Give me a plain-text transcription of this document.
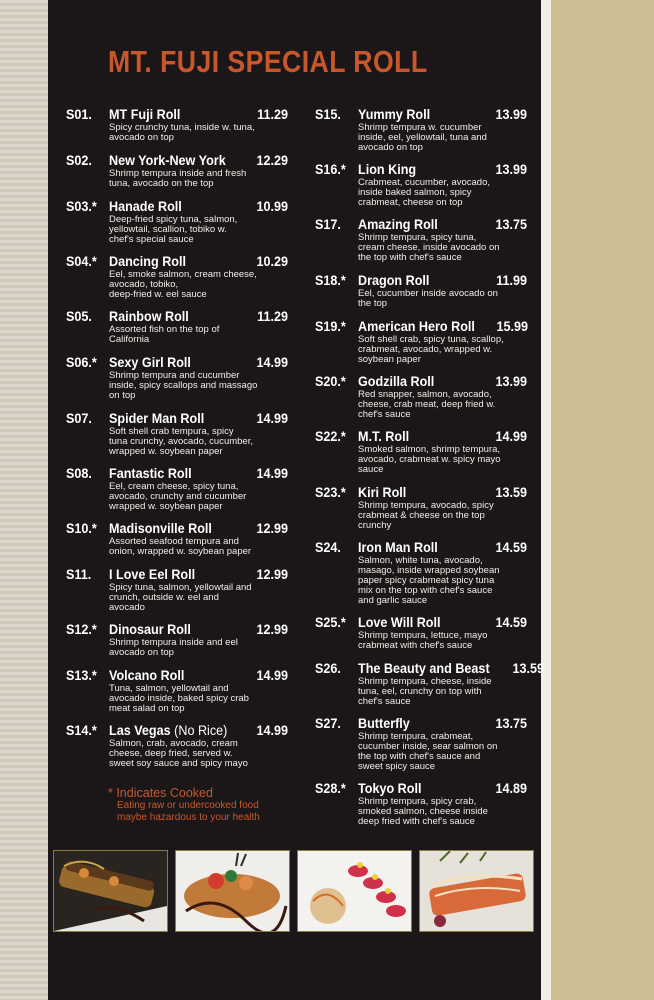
MT. FUJI SPECIAL ROLL
S01.	MT Fuji Roll	11.29
Spicy crunchy tuna, inside w. tuna,
avocado on top
S02.	New York-New York	12.29
Shrimp tempura inside and fresh
tuna, avocado on the top
S03.* Hanade Roll	10.99
Deep-fried spicy tuna, salmon,
yellowtail, scallion, tobiko w.
chef's special sauce
S04.* Dancing Roll	10.29
Eel, smoke salmon, cream cheese,
avocado, tobiko,
deep-fried w. eel sauce
S05.	Rainbow Roll	11.29
Assorted fish on the top of
California
S06.* Sexy Girl Roll	14.99
Shrimp tempura and cucumber
inside, spicy scallops and massago
on top
S07.	Spider Man Roll	14.99
Soft shell crab tempura, spicy
tuna crunchy, avocado, cucumber,
wrapped w. soybean paper
S08.	Fantastic Roll	14.99
Eel, cream cheese, spicy tuna,
avocado, crunchy and cucumber
wrapped w. soybean paper
S10.* Madisonville Roll	12.99
Assorted seafood tempura and
onion, wrapped w. soybean paper
S11.	I Love Eel Roll	12.99
Spicy tuna, salmon, yellowtail and
crunch, outside w. eel and
avocado
S12.* Dinosaur Roll	12.99
Shrimp tempura inside and eel
avocado on top
S13.* Volcano Roll	14.99
Tuna, salmon, yellowtail and
avocado inside, baked spicy crab
meat salad on top
S14.* Las Vegas (No Rice)	14.99
Salmon, crab, avocado, cream
cheese, deep fried, served w.
sweet soy sauce and spicy mayo
S15.	Yummy Roll	13.99
Shrimp tempura w. cucumber
inside, eel, yellowtail, tuna and
avocado on top
S16.* Lion King	13.99
Crabmeat, cucumber, avocado,
inside baked salmon, spicy
crabmeat, cheese on top
S17.	Amazing Roll	13.75
Shrimp tempura, spicy tuna,
cream cheese, inside avocado on
the top with chef's sauce
S18.* Dragon Roll	11.99
Eel, cucumber inside avocado on
the top
S19.* American Hero Roll	15.99
Soft shell crab, spicy tuna, scallop,
crabmeat, avocado, wrapped w.
soybean paper
S20.* Godzilla Roll	13.99
Red snapper, salmon, avocado,
cheese, crab meat, deep fried w.
chef's sauce
S22.* M.T. Roll	14.99
Smoked salmon, shrimp tempura,
avocado, crabmeat w. spicy mayo
sauce
S23.* Kiri Roll	13.59
Shrimp tempura, avocado, spicy
crabmeat & cheese on the top
crunchy
S24.	Iron Man Roll	14.59
Salmon, white tuna, avocado,
masago, inside wrapped soybean
paper spicy crabmeat spicy tuna
mix on the top with chef's sauce
and garlic sauce
S25.* Love Will Roll	14.59
Shrimp tempura, lettuce, mayo
crabmeat with chef's sauce
S26.	The Beauty and Beast	13.59
Shrimp tempura, cheese, inside
tuna, eel, crunchy on top with
chef's sauce
S27.	Butterfly	13.75
Shrimp tempura, crabmeat,
cucumber inside, sear salmon on
the top with chef's sauce and
sweet spicy sauce
S28.* Tokyo Roll	14.89
Shrimp tempura, spicy crab,
smoked salmon, cheese inside
deep fried with chef's sauce
* Indicates Cooked
Eating raw or undercooked food
maybe hazardous to your health
